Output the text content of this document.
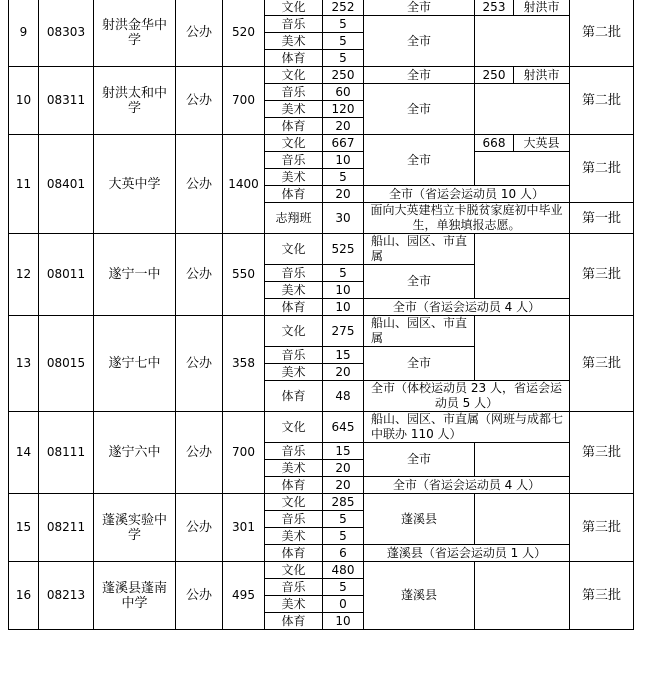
9	08303	射洪金华中学	公办	520	文化	252	全市	253	射洪市	第二批
					音乐	5	全市			
					美术	5				
					体育	5				
10	08311	射洪太和中学	公办	700	文化	250	全市	250	射洪市	第二批
					音乐	60	全市			
					美术	120				
					体育	20				
11	08401	大英中学	公办	1400	文化	667	全市	668	大英县	第二批
					音乐	10				
					美术	5				
					体育	20	全市（省运会运动员 10 人）			
					志翔班	30	面向大英建档立卡脱贫家庭初中毕业生，单独填报志愿。			第一批

12	08011	遂宁一中	公办	550	文化	525	船山、园区、市直属			第三批

					音乐	5	全市			
					美术	10				
					体育	10	全市（省运会运动员 4 人）			
13	08015	遂宁七中	公办	358	文化	275	船山、园区、市直属			第三批

					音乐	15	全市			
					美术	20				
					体育	48	全市（体校运动员 23 人，省运会运动员 5 人）			

14	08111	遂宁六中	公办	700	文化	645	船山、园区、市直属（网班与成都七中联办 110 人）			第三批

					音乐	15	全市			
					美术	20				
					体育	20	全市（省运会运动员 4 人）			
15	08211	蓬溪实验中学	公办	301	文化	285	蓬溪县			第三批
					音乐	5				
					美术	5				
					体育	6	蓬溪县（省运会运动员 1 人）			
16	08213	蓬溪县蓬南中学	公办	495	文化	480	蓬溪县			第三批
					音乐	5				
					美术	0				
					体育	10				
